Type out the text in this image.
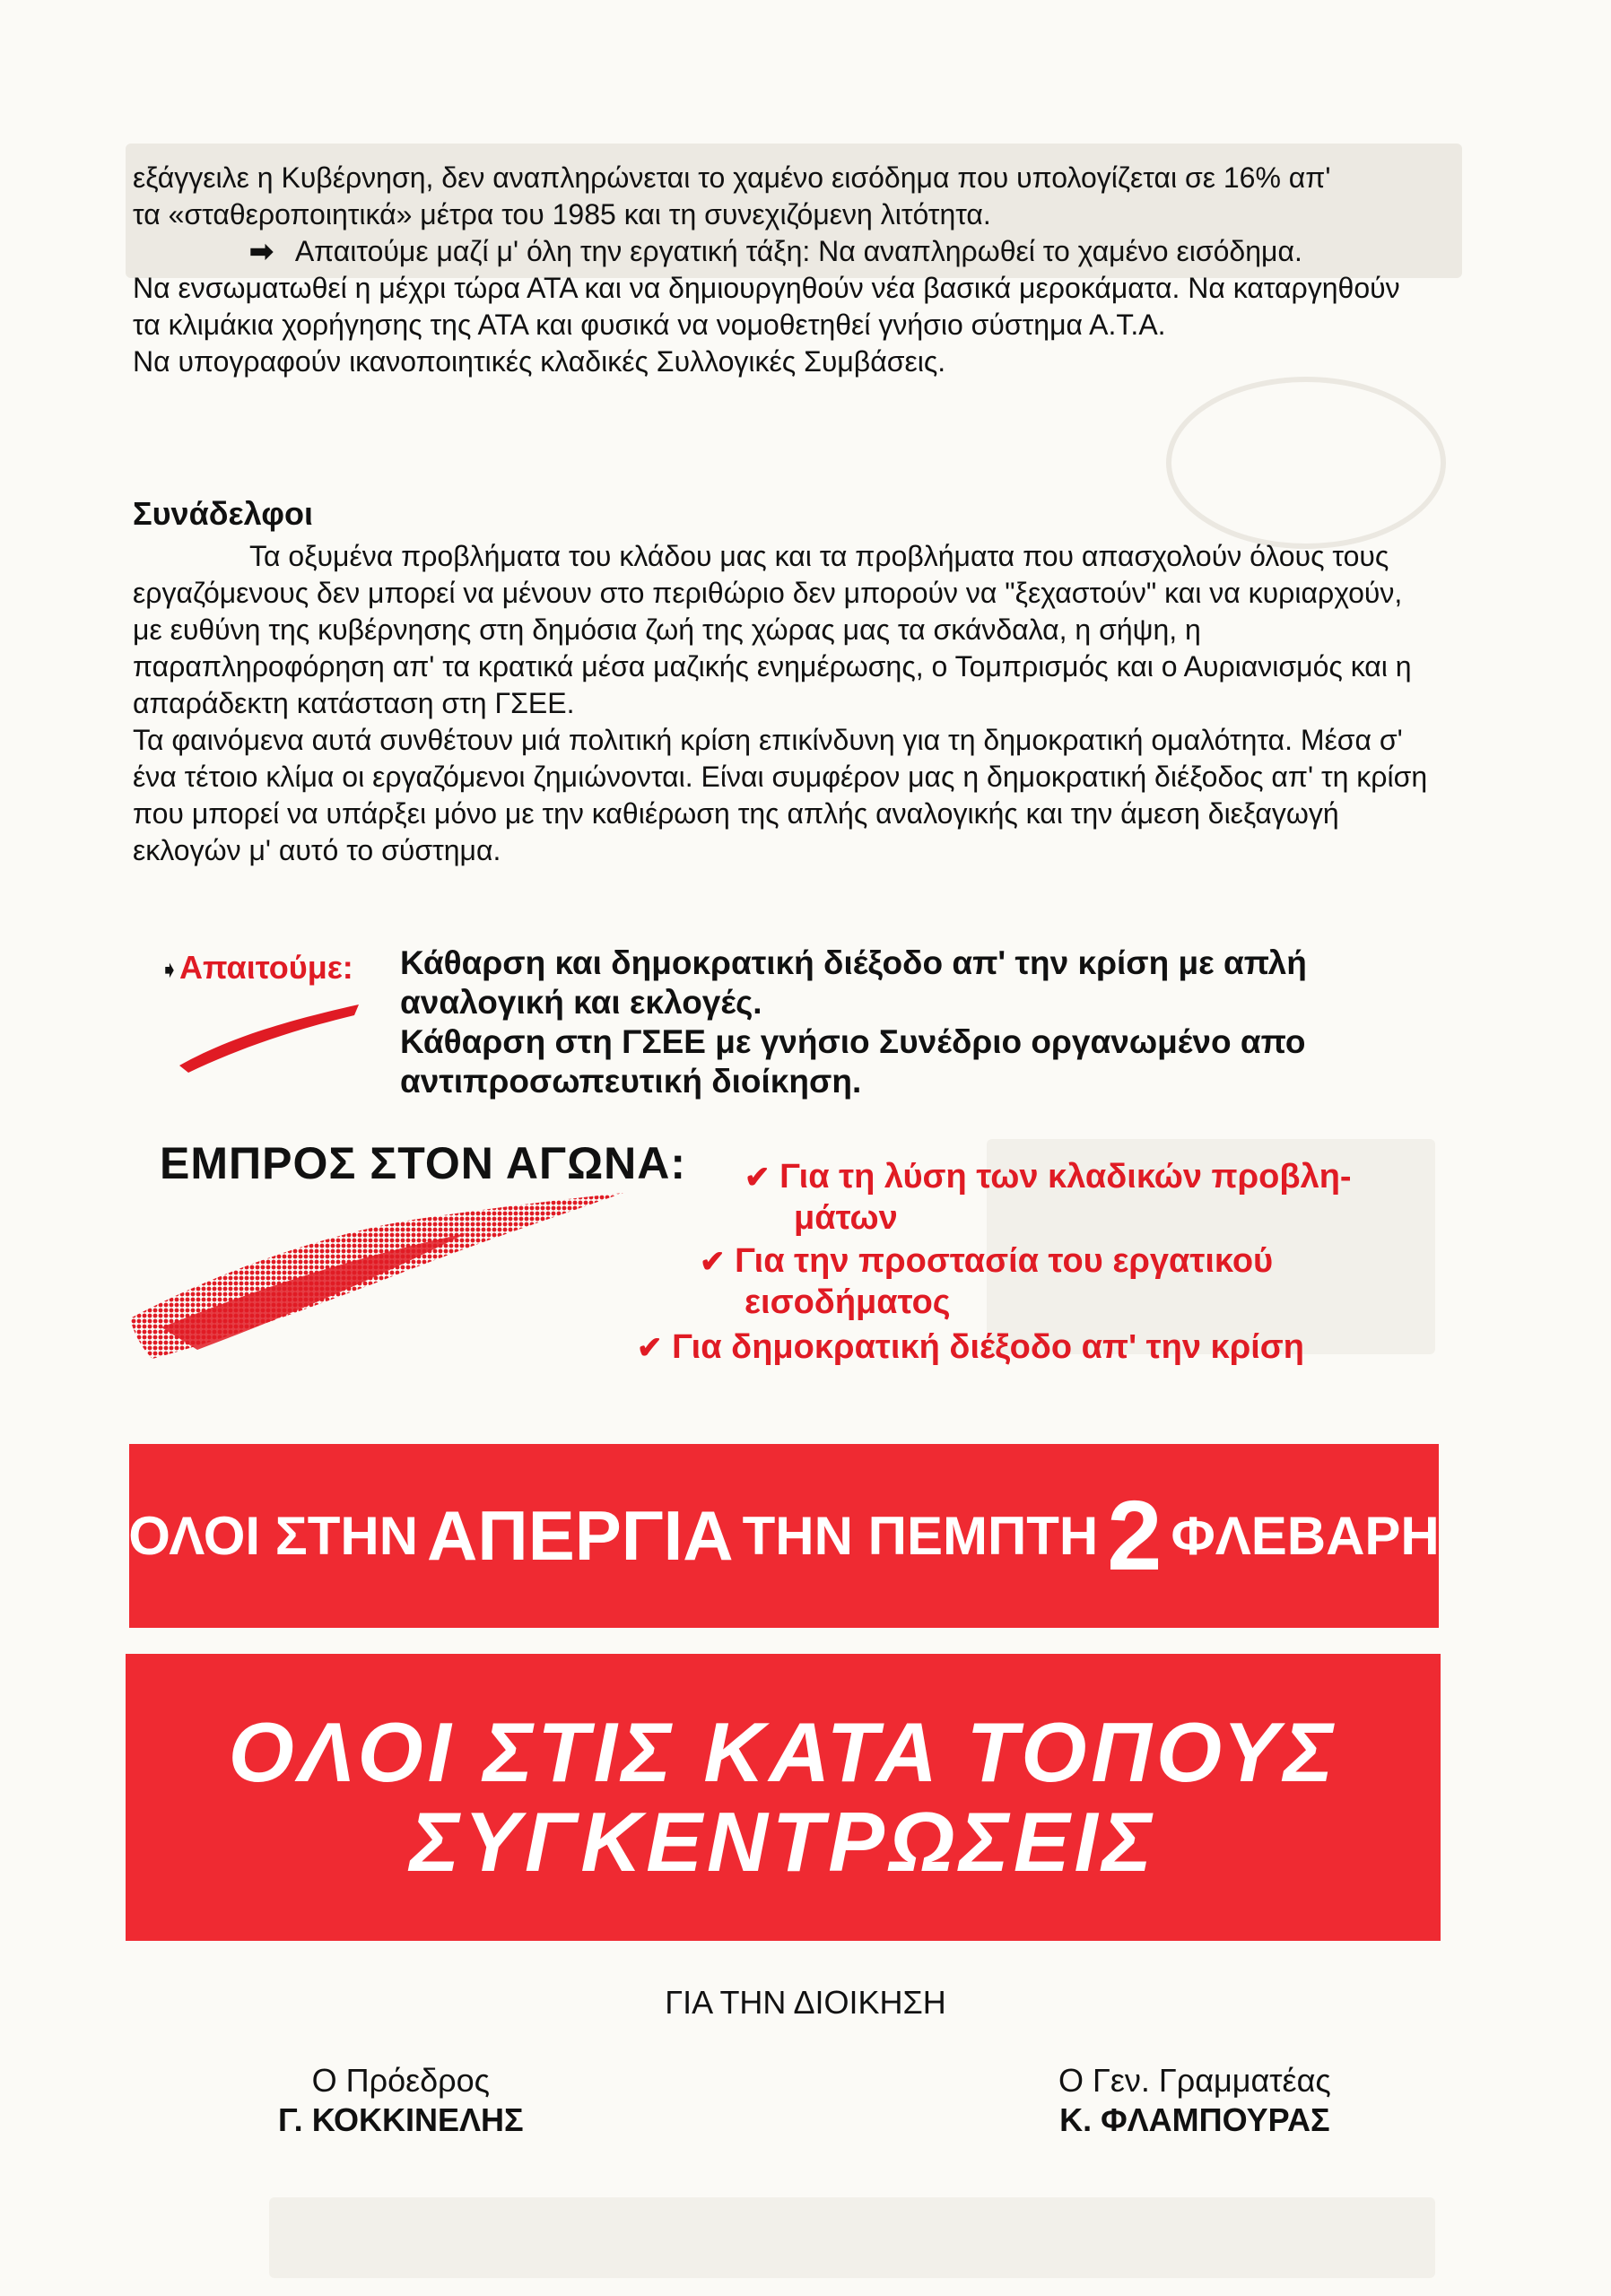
εξάγγειλε η Κυβέρνηση, δεν αναπληρώνεται το χαμένο εισόδημα που υπολογίζεται σε 16% απ'

τα «σταθεροποιητικά» μέτρα του 1985 και τη συνεχιζόμενη λιτότητα.

➡ Απαιτούμε μαζί μ' όλη την εργατική τάξη: Να αναπληρωθεί το χαμένο εισόδημα.

Να ενσωματωθεί η μέχρι τώρα ΑΤΑ και να δημιουργηθούν νέα βασικά μεροκάματα. Να καταργηθούν τα κλιμάκια χορήγησης της ΑΤΑ και φυσικά να νομοθετηθεί γνήσιο σύστημα Α.Τ.Α.

Να υπογραφούν ικανοποιητικές κλαδικές Συλλογικές Συμβάσεις.

Συνάδελφοι

Τα οξυμένα προβλήματα του κλάδου μας και τα προβλήματα που απασχολούν όλους τους εργαζόμενους δεν μπορεί να μένουν στο περιθώριο δεν μπορούν να "ξεχαστούν" και να κυριαρχούν, με ευθύνη της κυβέρνησης στη δημόσια ζωή της χώρας μας τα σκάνδαλα, η σήψη, η παραπληροφόρηση απ' τα κρατικά μέσα μαζικής ενημέρωσης, ο Τομπρισμός και ο Αυριανισμός και η απαράδεκτη κατάσταση στη ΓΣΕΕ.

Τα φαινόμενα αυτά συνθέτουν μιά πολιτική κρίση επικίνδυνη για τη δημοκρατική ομαλότητα. Μέσα σ' ένα τέτοιο κλίμα οι εργαζόμενοι ζημιώνονται. Είναι συμφέρον μας η δημοκρατική διέξοδος απ' τη κρίση που μπορεί να υπάρξει μόνο με την καθιέρωση της απλής αναλογικής και την άμεση διεξαγωγή εκλογών μ' αυτό το σύστημα.

➧ Απαιτούμε: Κάθαρση και δημοκρατική διέξοδο απ' την κρίση με απλή
αναλογική και εκλογές.
Κάθαρση στη ΓΣΕΕ με γνήσιο Συνέδριο οργανωμένο απο
αντιπροσωπευτική διοίκηση.
ΕΜΠΡΟΣ ΣΤΟΝ ΑΓΩΝΑ: ✔ Για τη λύση των κλαδικών προβλη-
μάτων
✔ Για την προστασία του εργατικού
εισοδήματος
✔ Για δημοκρατική διέξοδο απ' την κρίση
ΟΛΟΙ ΣΤΗΝ ΑΠΕΡΓΙΑ ΤΗΝ ΠΕΜΠΤΗ 2 ΦΛΕΒΑΡΗ
ΟΛΟΙ ΣΤΙΣ ΚΑΤΑ ΤΟΠΟΥΣ
ΣΥΓΚΕΝΤΡΩΣΕΙΣ
ΓΙΑ ΤΗΝ ΔΙΟΙΚΗΣΗ
Ο Πρόεδρος
Γ. ΚΟΚΚΙΝΕΛΗΣ
Ο Γεν. Γραμματέας
Κ. ΦΛΑΜΠΟΥΡΑΣ
